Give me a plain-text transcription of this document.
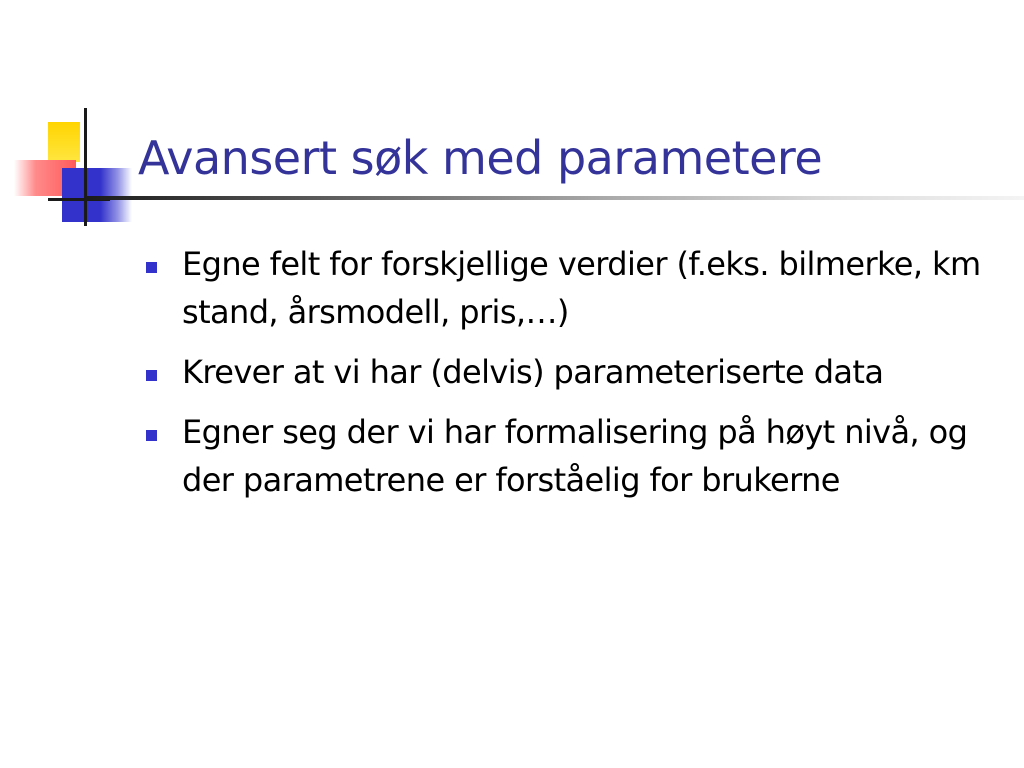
Avansert søk med parametere
Egne felt for forskjellige verdier (f.eks. bilmerke, km stand, årsmodell, pris,…)
Krever at vi har (delvis) parameteriserte data
Egner seg der vi har formalisering på høyt nivå, og der parametrene er forståelig for brukerne
